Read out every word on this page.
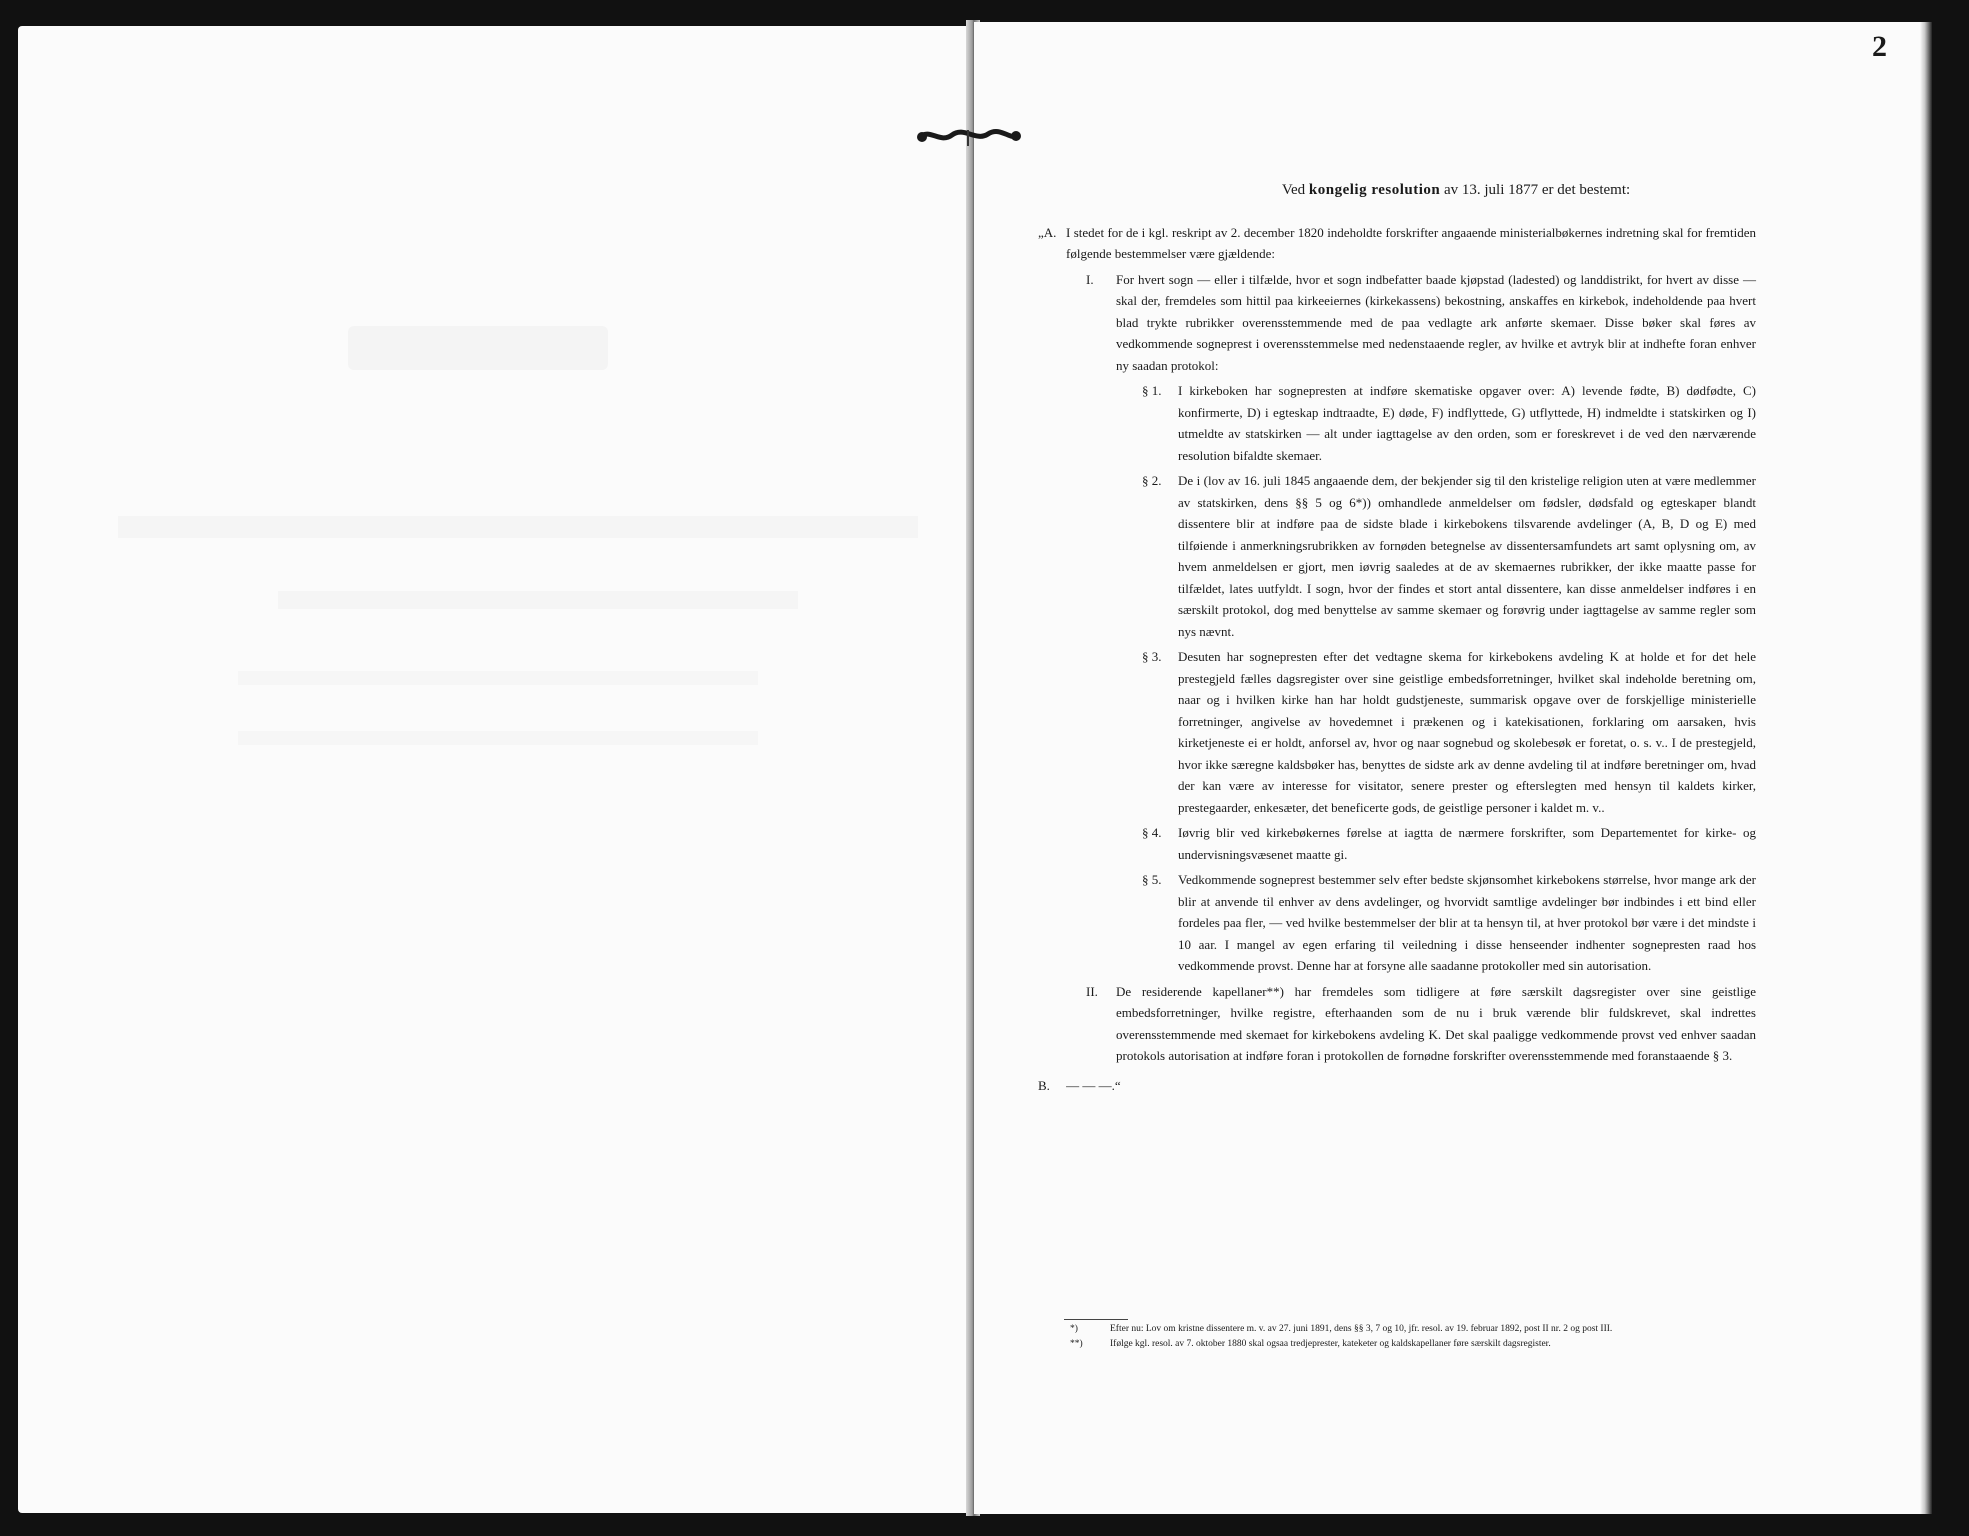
2

Ved kongelig resolution av 13. juli 1877 er det bestemt:

„A. I stedet for de i kgl. reskript av 2. december 1820 indeholdte forskrifter angaaende ministerialbøkernes indretning skal for fremtiden følgende bestemmelser være gjældende:
I. For hvert sogn — eller i tilfælde, hvor et sogn indbefatter baade kjøpstad (ladested) og landdistrikt, for hvert av disse — skal der, fremdeles som hittil paa kirkeeiernes (kirkekassens) bekostning, anskaffes en kirkebok, indeholdende paa hvert blad trykte rubrikker overensstemmende med de paa vedlagte ark anførte skemaer. Disse bøker skal føres av vedkommende sogneprest i overensstemmelse med nedenstaaende regler, av hvilke et avtryk blir at indhefte foran enhver ny saadan protokol:
§ 1. I kirkeboken har sognepresten at indføre skematiske opgaver over: A) levende fødte, B) dødfødte, C) konfirmerte, D) i egteskap indtraadte, E) døde, F) indflyttede, G) utflyttede, H) indmeldte i statskirken og I) utmeldte av statskirken — alt under iagttagelse av den orden, som er foreskrevet i de ved den nærværende resolution bifaldte skemaer.
§ 2. De i (lov av 16. juli 1845 angaaende dem, der bekjender sig til den kristelige religion uten at være medlemmer av statskirken, dens §§ 5 og 6*)) omhandlede anmeldelser om fødsler, dødsfald og egteskaper blandt dissentere blir at indføre paa de sidste blade i kirkebokens tilsvarende avdelinger (A, B, D og E) med tilføiende i anmerkningsrubrikken av fornøden betegnelse av dissentersamfundets art samt oplysning om, av hvem anmeldelsen er gjort, men iøvrig saaledes at de av skemaernes rubrikker, der ikke maatte passe for tilfældet, lates uutfyldt. I sogn, hvor der findes et stort antal dissentere, kan disse anmeldelser indføres i en særskilt protokol, dog med benyttelse av samme skemaer og forøvrig under iagttagelse av samme regler som nys nævnt.
§ 3. Desuten har sognepresten efter det vedtagne skema for kirkebokens avdeling K at holde et for det hele prestegjeld fælles dagsregister over sine geistlige embedsforretninger, hvilket skal indeholde beretning om, naar og i hvilken kirke han har holdt gudstjeneste, summarisk opgave over de forskjellige ministerielle forretninger, angivelse av hovedemnet i prækenen og i katekisationen, forklaring om aarsaken, hvis kirketjeneste ei er holdt, anforsel av, hvor og naar sognebud og skolebesøk er foretat, o. s. v.. I de prestegjeld, hvor ikke særegne kaldsbøker has, benyttes de sidste ark av denne avdeling til at indføre beretninger om, hvad der kan være av interesse for visitator, senere prester og efterslegten med hensyn til kaldets kirker, prestegaarder, enkesæter, det beneficerte gods, de geistlige personer i kaldet m. v..
§ 4. Iøvrig blir ved kirkebøkernes førelse at iagtta de nærmere forskrifter, som Departementet for kirke- og undervisningsvæsenet maatte gi.
§ 5. Vedkommende sogneprest bestemmer selv efter bedste skjønsomhet kirkebokens størrelse, hvor mange ark der blir at anvende til enhver av dens avdelinger, og hvorvidt samtlige avdelinger bør indbindes i ett bind eller fordeles paa fler, — ved hvilke bestemmelser der blir at ta hensyn til, at hver protokol bør være i det mindste i 10 aar. I mangel av egen erfaring til veiledning i disse henseender indhenter sognepresten raad hos vedkommende provst. Denne har at forsyne alle saadanne protokoller med sin autorisation.
II. De residerende kapellaner**) har fremdeles som tidligere at føre særskilt dagsregister over sine geistlige embedsforretninger, hvilke registre, efterhaanden som de nu i bruk værende blir fuldskrevet, skal indrettes overensstemmende med skemaet for kirkebokens avdeling K. Det skal paaligge vedkommende provst ved enhver saadan protokols autorisation at indføre foran i protokollen de fornødne forskrifter overensstemmende med foranstaaende § 3.

B. — — —.“

*)	Efter nu: Lov om kristne dissentere m. v. av 27. juni 1891, dens §§ 3, 7 og 10, jfr. resol. av 19. februar 1892, post II nr. 2 og post III.
**)	Ifølge kgl. resol. av 7. oktober 1880 skal ogsaa tredjeprester, kateketer og kaldskapellaner føre særskilt dagsregister.
